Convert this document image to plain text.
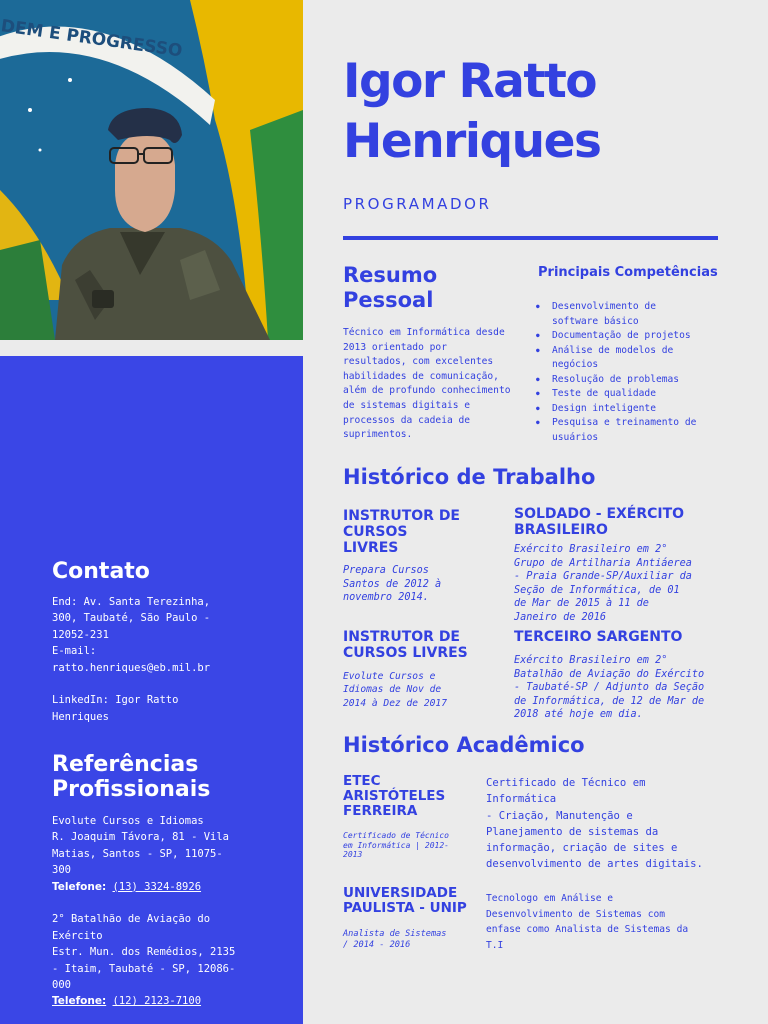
DEM E PROGRESSO
Contato
End: Av. Santa Terezinha,
300, Taubaté, São Paulo -
12052-231
E-mail:
ratto.henriques@eb.mil.br

LinkedIn: Igor Ratto
Henriques
Referências
Profissionais
Evolute Cursos e Idiomas
R. Joaquim Távora, 81 - Vila
Matias, Santos - SP, 11075-
300
Telefone: (13) 3324-8926

2° Batalhão de Aviação do
Exército
Estr. Mun. dos Remédios, 2135
- Itaim, Taubaté - SP, 12086-
000
Telefone: (12) 2123-7100
Igor Ratto
Henriques
PROGRAMADOR
Resumo
Pessoal
Técnico em Informática desde
2013 orientado por
resultados, com excelentes
habilidades de comunicação,
além de profundo conhecimento
de sistemas digitais e
processos da cadeia de
suprimentos.
Principais Competências
● Desenvolvimento de
software básico
● Documentação de projetos
● Análise de modelos de
negócios
● Resolução de problemas
● Teste de qualidade
● Design inteligente
● Pesquisa e treinamento de
usuários
Histórico de Trabalho
INSTRUTOR DE
CURSOS
LIVRES
Prepara Cursos
Santos de 2012 à
novembro 2014.
INSTRUTOR DE
CURSOS LIVRES
Evolute Cursos e
Idiomas de Nov de
2014 à Dez de 2017
SOLDADO - EXÉRCITO
BRASILEIRO
Exército Brasileiro em 2°
Grupo de Artilharia Antiáerea
- Praia Grande-SP/Auxiliar da
Seção de Informática, de 01
de Mar de 2015 à 11 de
Janeiro de 2016
TERCEIRO SARGENTO
Exército Brasileiro em 2°
Batalhão de Aviação do Exército
- Taubaté-SP / Adjunto da Seção
de Informática, de 12 de Mar de
2018 até hoje em dia.
Histórico Acadêmico
ETEC
ARISTÓTELES
FERREIRA
Certificado de Técnico
em Informática | 2012-
2013
Certificado de Técnico em
Informática
- Criação, Manutenção e
Planejamento de sistemas da
informação, criação de sites e
desenvolvimento de artes digitais.
UNIVERSIDADE
PAULISTA - UNIP
Analista de Sistemas
/ 2014 - 2016
Tecnologo em Análise e
Desenvolvimento de Sistemas com
enfase como Analista de Sistemas da
T.I
